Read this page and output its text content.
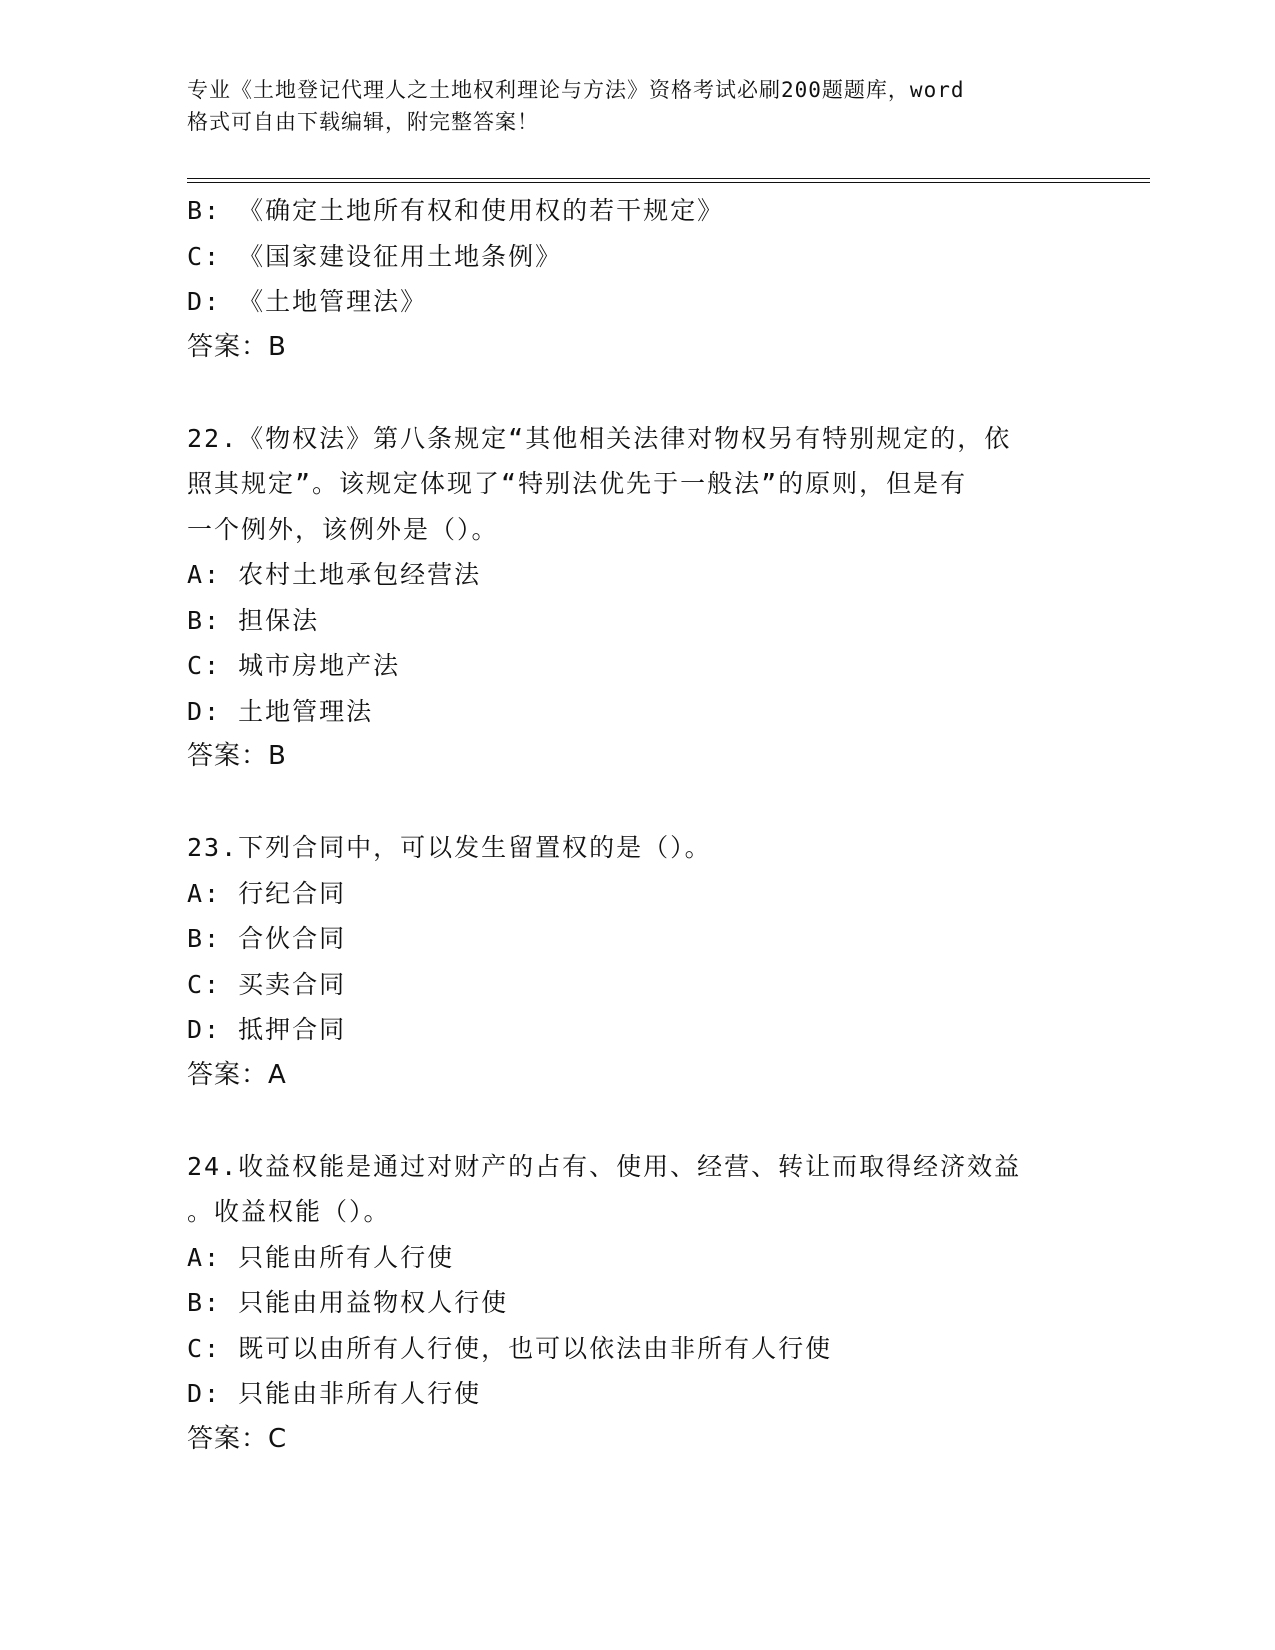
专业《土地登记代理人之土地权利理论与方法》资格考试必刷200题题库，word
格式可自由下载编辑，附完整答案！
B: 《确定土地所有权和使用权的若干规定》
C: 《国家建设征用土地条例》
D: 《土地管理法》
答案：B
22.《物权法》第八条规定“其他相关法律对物权另有特别规定的，依
照其规定”。该规定体现了“特别法优先于一般法”的原则，但是有
一个例外，该例外是（）。
A: 农村土地承包经营法
B: 担保法
C: 城市房地产法
D: 土地管理法
答案：B
23.下列合同中，可以发生留置权的是（）。
A: 行纪合同
B: 合伙合同
C: 买卖合同
D: 抵押合同
答案：A
24.收益权能是通过对财产的占有、使用、经营、转让而取得经济效益
。收益权能（）。
A: 只能由所有人行使
B: 只能由用益物权人行使
C: 既可以由所有人行使，也可以依法由非所有人行使
D: 只能由非所有人行使
答案：C
